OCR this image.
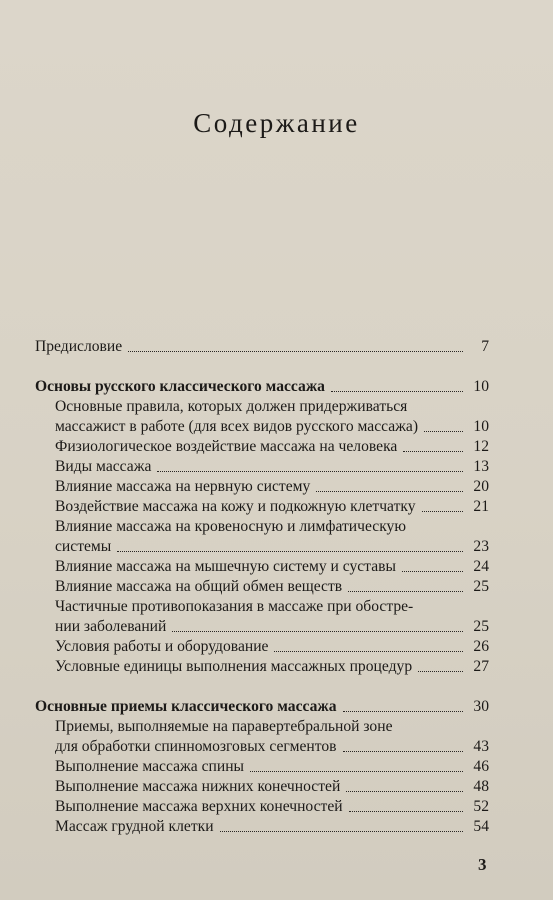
Содержание
Предисловие	7
Основы русского классического массажа	10
Основные правила, которых должен придерживаться
массажист в работе (для всех видов русского массажа)	10
Физиологическое воздействие массажа на человека	12
Виды массажа	13
Влияние массажа на нервную систему	20
Воздействие массажа на кожу и подкожную клетчатку	21
Влияние массажа на кровеносную и лимфатическую
системы	23
Влияние массажа на мышечную систему и суставы	24
Влияние массажа на общий обмен веществ	25
Частичные противопоказания в массаже при обостре-
нии заболеваний	25
Условия работы и оборудование	26
Условные единицы выполнения массажных процедур	27
Основные приемы классического массажа	30
Приемы, выполняемые на паравертебральной зоне
для обработки спинномозговых сегментов	43
Выполнение массажа спины	46
Выполнение массажа нижних конечностей	48
Выполнение массажа верхних конечностей	52
Массаж грудной клетки	54
3
